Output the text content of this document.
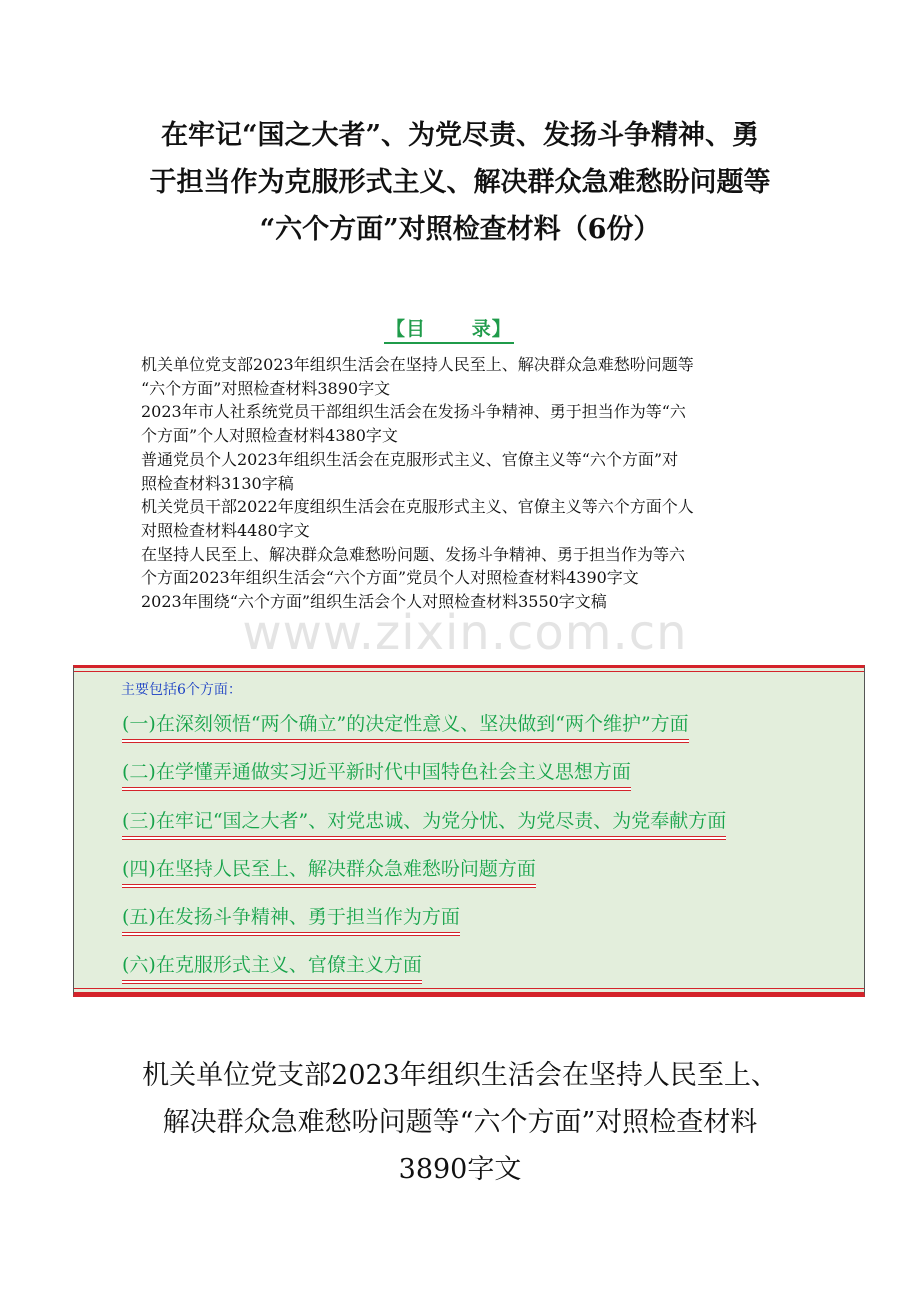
在牢记“国之大者”、为党尽责、发扬斗争精神、勇
于担当作为克服形式主义、解决群众急难愁盼问题等
“六个方面”对照检查材料（6份）
【目      录】
机关单位党支部2023年组织生活会在坚持人民至上、解决群众急难愁吩问题等
“六个方面”对照检查材料3890字文
2023年市人社系统党员干部组织生活会在发扬斗争精神、勇于担当作为等“六
个方面”个人对照检查材料4380字文
普通党员个人2023年组织生活会在克服形式主义、官僚主义等“六个方面”对
照检查材料3130字稿
机关党员干部2022年度组织生活会在克服形式主义、官僚主义等六个方面个人
对照检查材料4480字文
在坚持人民至上、解决群众急难愁吩问题、发扬斗争精神、勇于担当作为等六
个方面2023年组织生活会“六个方面”党员个人对照检查材料4390字文
2023年围绕“六个方面”组织生活会个人对照检查材料3550字文稿
www.zixin.com.cn
主要包括6个方面：
(一)在深刻领悟“两个确立”的决定性意义、坚决做到“两个维护”方面
(二)在学懂弄通做实习近平新时代中国特色社会主义思想方面
(三)在牢记“国之大者”、对党忠诚、为党分忧、为党尽责、为党奉献方面
(四)在坚持人民至上、解决群众急难愁吩问题方面
(五)在发扬斗争精神、勇于担当作为方面
(六)在克服形式主义、官僚主义方面
机关单位党支部2023年组织生活会在坚持人民至上、
解决群众急难愁吩问题等“六个方面”对照检查材料
3890字文
